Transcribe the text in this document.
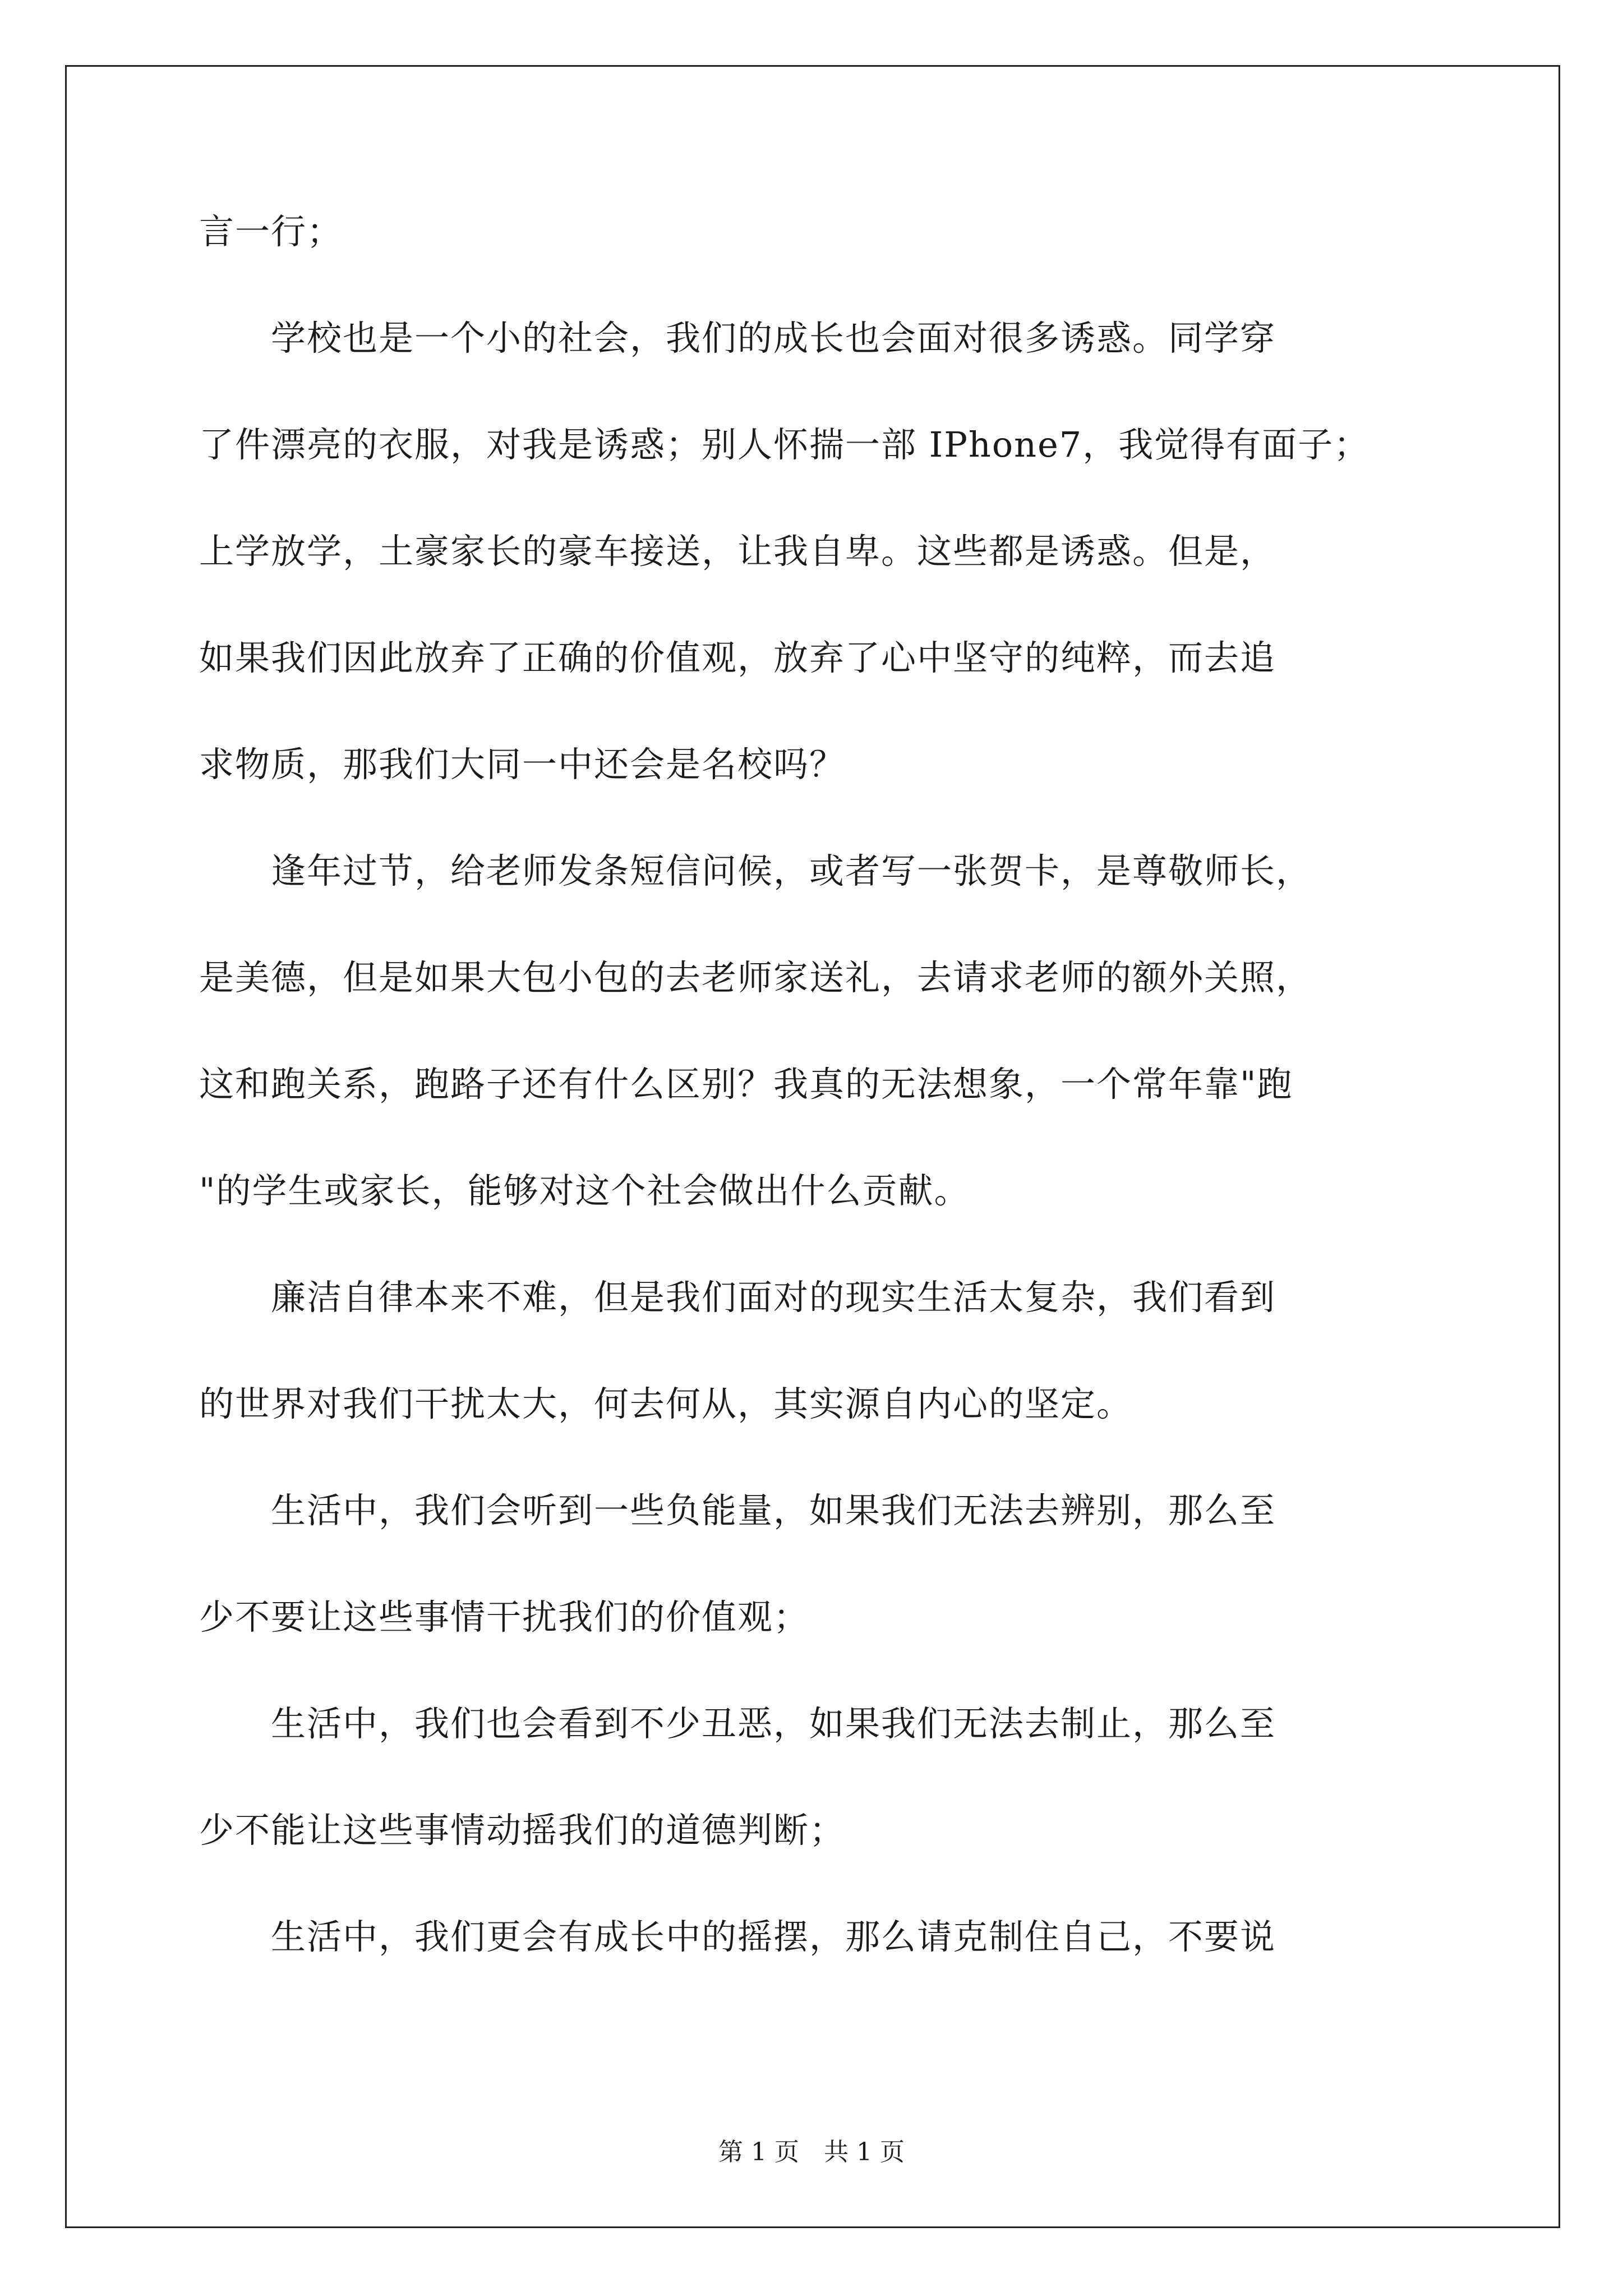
言一行；
　　学校也是一个小的社会，我们的成长也会面对很多诱惑。同学穿
了件漂亮的衣服，对我是诱惑；别人怀揣一部 IPhone7，我觉得有面子；
上学放学，土豪家长的豪车接送，让我自卑。这些都是诱惑。但是，
如果我们因此放弃了正确的价值观，放弃了心中坚守的纯粹，而去追
求物质，那我们大同一中还会是名校吗？
　　逢年过节，给老师发条短信问候，或者写一张贺卡，是尊敬师长，
是美德，但是如果大包小包的去老师家送礼，去请求老师的额外关照，
这和跑关系，跑路子还有什么区别？我真的无法想象，一个常年靠"跑
"的学生或家长，能够对这个社会做出什么贡献。
　　廉洁自律本来不难，但是我们面对的现实生活太复杂，我们看到
的世界对我们干扰太大，何去何从，其实源自内心的坚定。
　　生活中，我们会听到一些负能量，如果我们无法去辨别，那么至
少不要让这些事情干扰我们的价值观；
　　生活中，我们也会看到不少丑恶，如果我们无法去制止，那么至
少不能让这些事情动摇我们的道德判断；
　　生活中，我们更会有成长中的摇摆，那么请克制住自己，不要说
第 1 页　共 1 页
